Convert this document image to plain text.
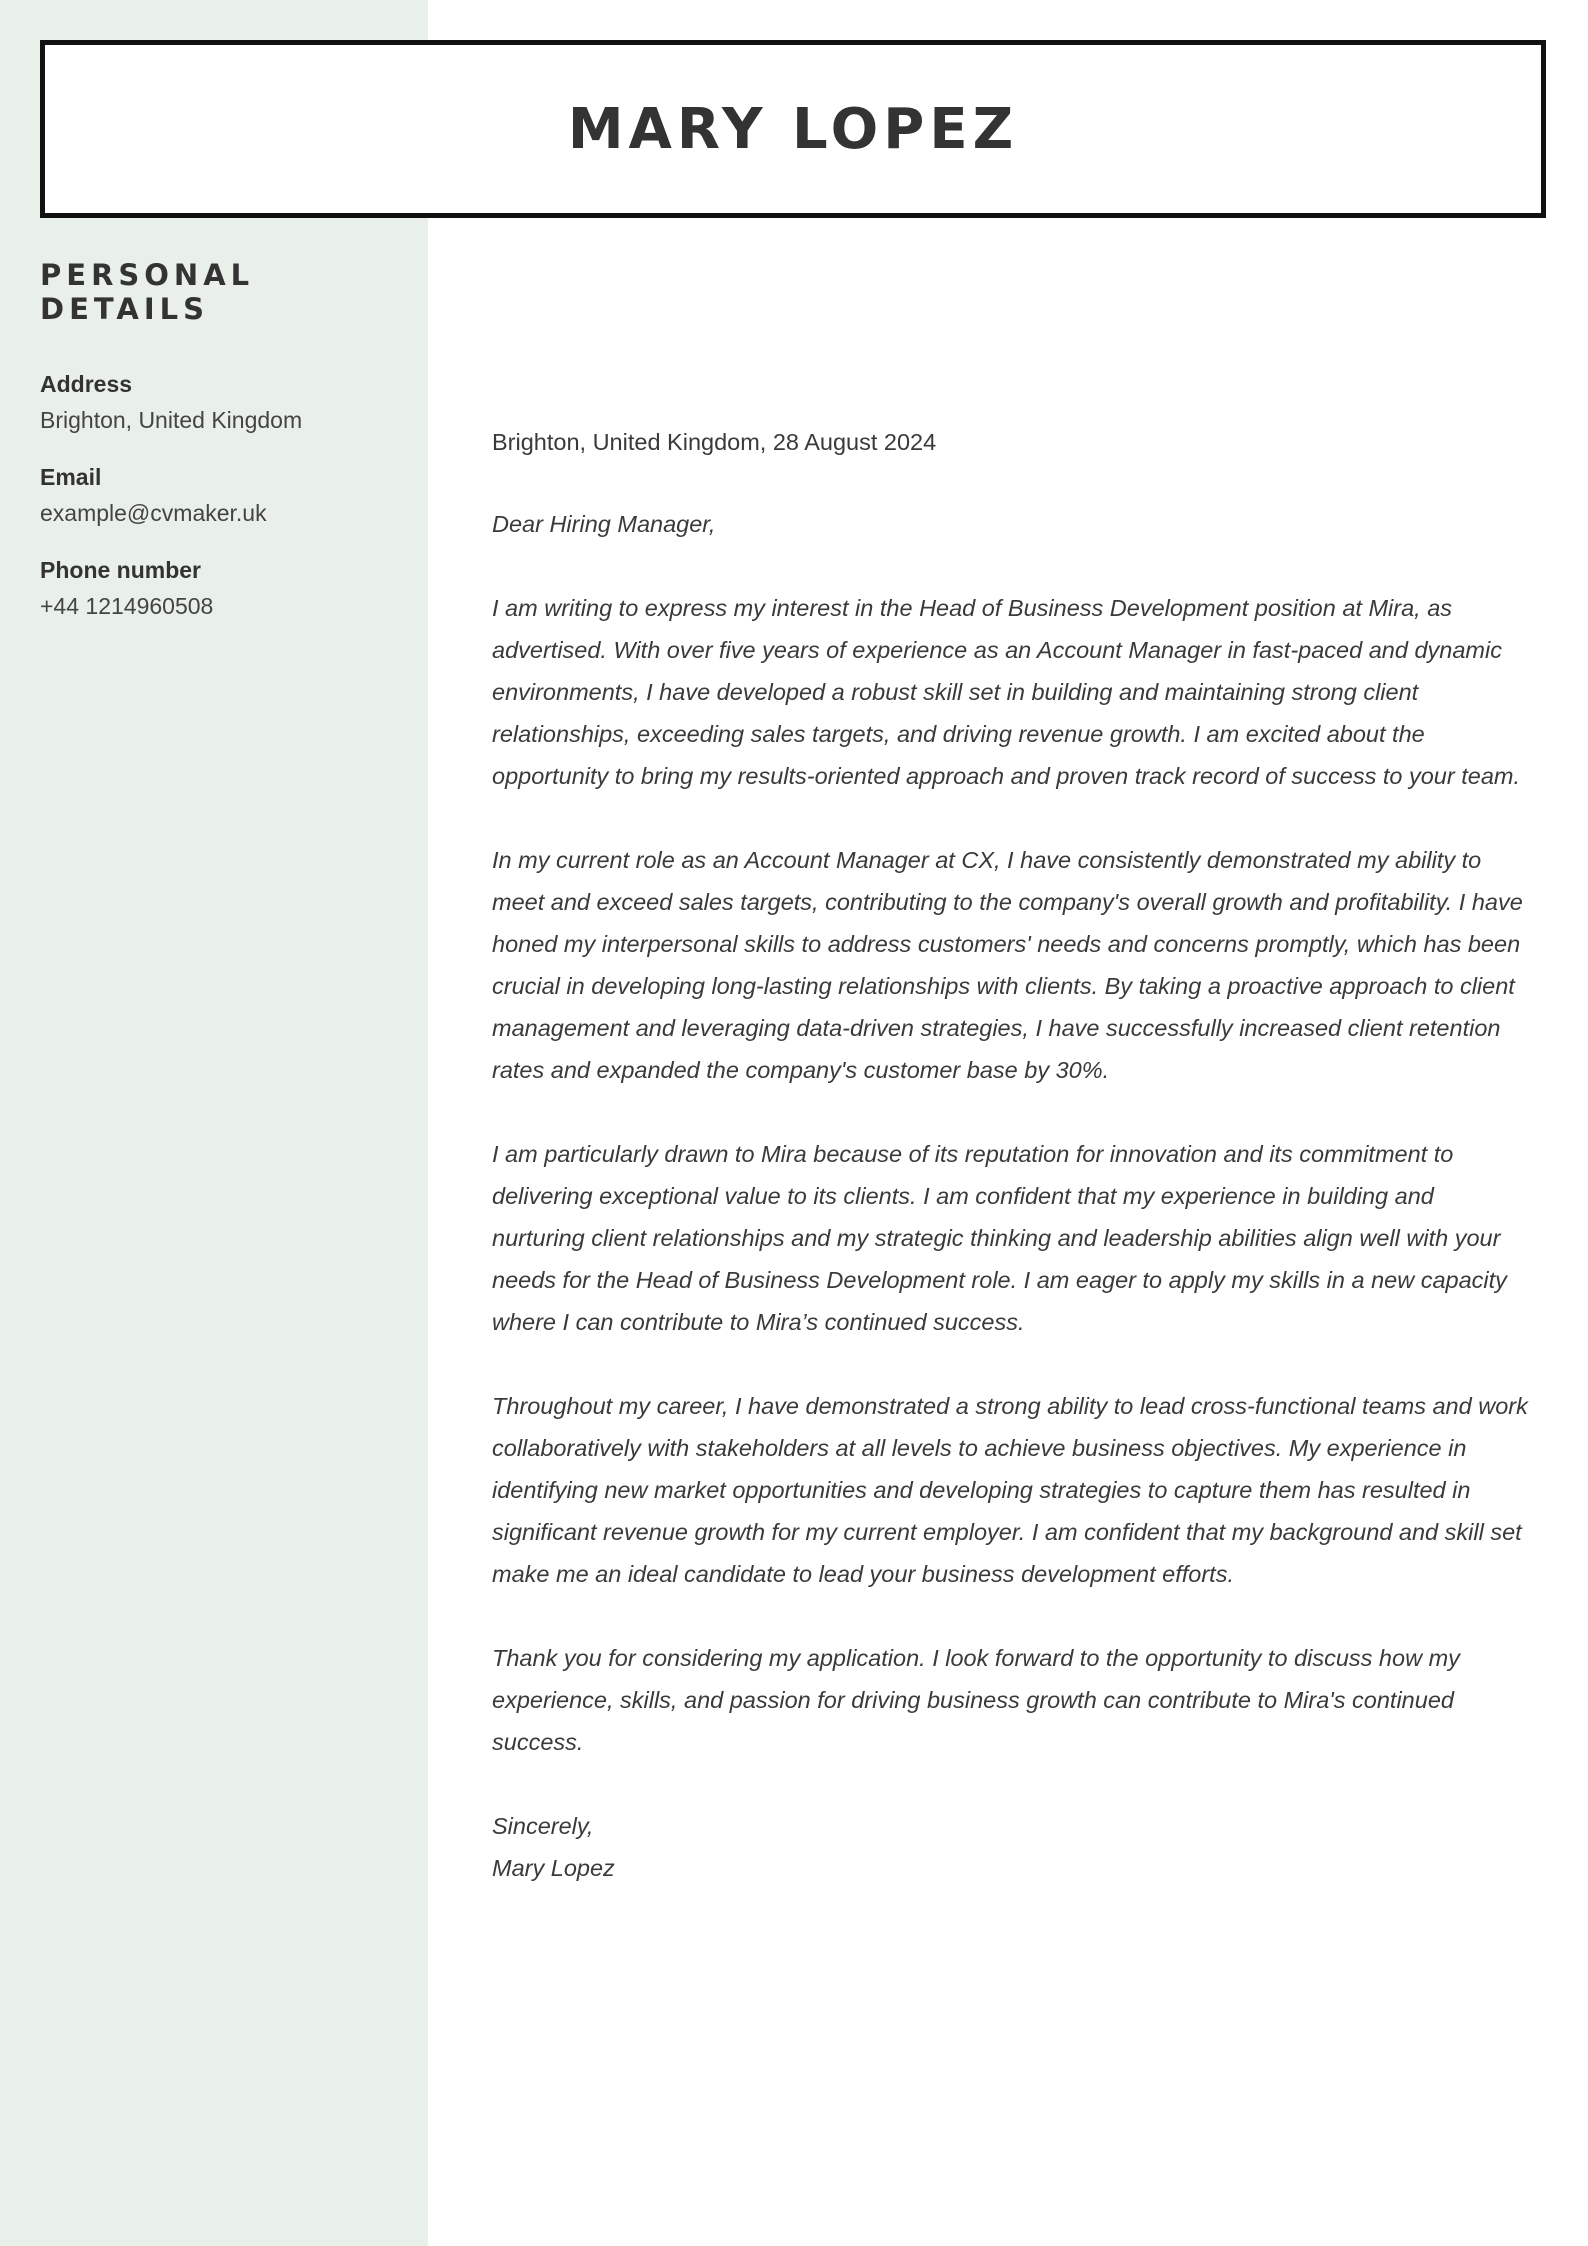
MARY LOPEZ
PERSONAL DETAILS
Address
Brighton, United Kingdom
Email
example@cvmaker.uk
Phone number
+44 1214960508

Brighton, United Kingdom, 28 August 2024

Dear Hiring Manager,

I am writing to express my interest in the Head of Business Development position at Mira, as advertised. With over five years of experience as an Account Manager in fast-paced and dynamic environments, I have developed a robust skill set in building and maintaining strong client relationships, exceeding sales targets, and driving revenue growth. I am excited about the opportunity to bring my results-oriented approach and proven track record of success to your team.

In my current role as an Account Manager at CX, I have consistently demonstrated my ability to meet and exceed sales targets, contributing to the company's overall growth and profitability. I have honed my interpersonal skills to address customers' needs and concerns promptly, which has been crucial in developing long-lasting relationships with clients. By taking a proactive approach to client management and leveraging data-driven strategies, I have successfully increased client retention rates and expanded the company's customer base by 30%.

I am particularly drawn to Mira because of its reputation for innovation and its commitment to delivering exceptional value to its clients. I am confident that my experience in building and nurturing client relationships and my strategic thinking and leadership abilities align well with your needs for the Head of Business Development role. I am eager to apply my skills in a new capacity where I can contribute to Mira’s continued success.

Throughout my career, I have demonstrated a strong ability to lead cross-functional teams and work collaboratively with stakeholders at all levels to achieve business objectives. My experience in identifying new market opportunities and developing strategies to capture them has resulted in significant revenue growth for my current employer. I am confident that my background and skill set make me an ideal candidate to lead your business development efforts.

Thank you for considering my application. I look forward to the opportunity to discuss how my experience, skills, and passion for driving business growth can contribute to Mira's continued success.

Sincerely,

Mary Lopez
